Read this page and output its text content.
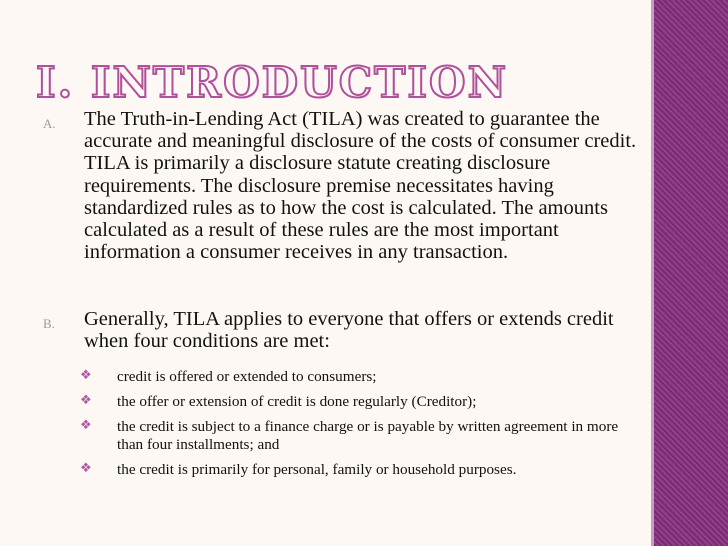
I. INTRODUCTION
A. The Truth-in-Lending Act (TILA) was created to guarantee the accurate and meaningful disclosure of the costs of consumer credit. TILA is primarily a disclosure statute creating disclosure requirements. The disclosure premise necessitates having standardized rules as to how the cost is calculated. The amounts calculated as a result of these rules are the most important information a consumer receives in any transaction.
B. Generally, TILA applies to everyone that offers or extends credit when four conditions are met:
❖ credit is offered or extended to consumers;
❖ the offer or extension of credit is done regularly (Creditor);
❖ the credit is subject to a finance charge or is payable by written agreement in more than four installments; and
❖ the credit is primarily for personal, family or household purposes.
